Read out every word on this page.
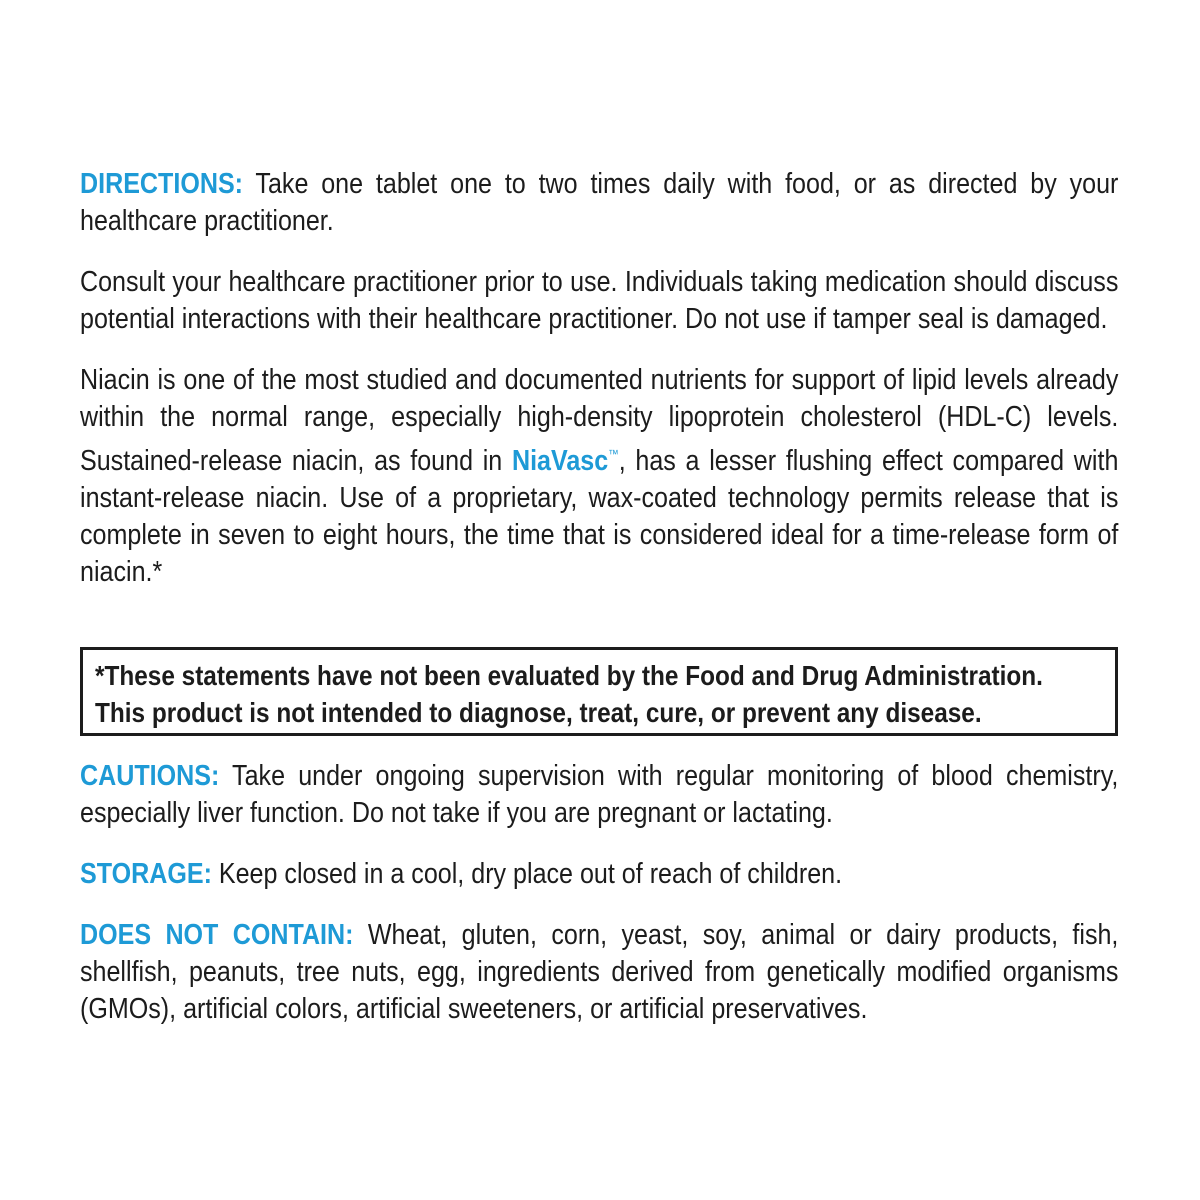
DIRECTIONS: Take one tablet one to two times daily with food, or as directed by your healthcare practitioner.

Consult your healthcare practitioner prior to use. Individuals taking medication should discuss potential interactions with their healthcare practitioner. Do not use if tamper seal is damaged.

Niacin is one of the most studied and documented nutrients for support of lipid levels already within the normal range, especially high-density lipoprotein cholesterol (HDL-C) levels. Sustained-release niacin, as found in NiaVasc™, has a lesser flushing effect compared with instant-release niacin. Use of a proprietary, wax-coated technology permits release that is complete in seven to eight hours, the time that is considered ideal for a time-release form of niacin.*

*These statements have not been evaluated by the Food and Drug Administration.

This product is not intended to diagnose, treat, cure, or prevent any disease.

CAUTIONS: Take under ongoing supervision with regular monitoring of blood chemistry, especially liver function. Do not take if you are pregnant or lactating.

STORAGE: Keep closed in a cool, dry place out of reach of children.

DOES NOT CONTAIN: Wheat, gluten, corn, yeast, soy, animal or dairy products, fish, shellfish, peanuts, tree nuts, egg, ingredients derived from genetically modified organisms (GMOs), artificial colors, artificial sweeteners, or artificial preservatives.
